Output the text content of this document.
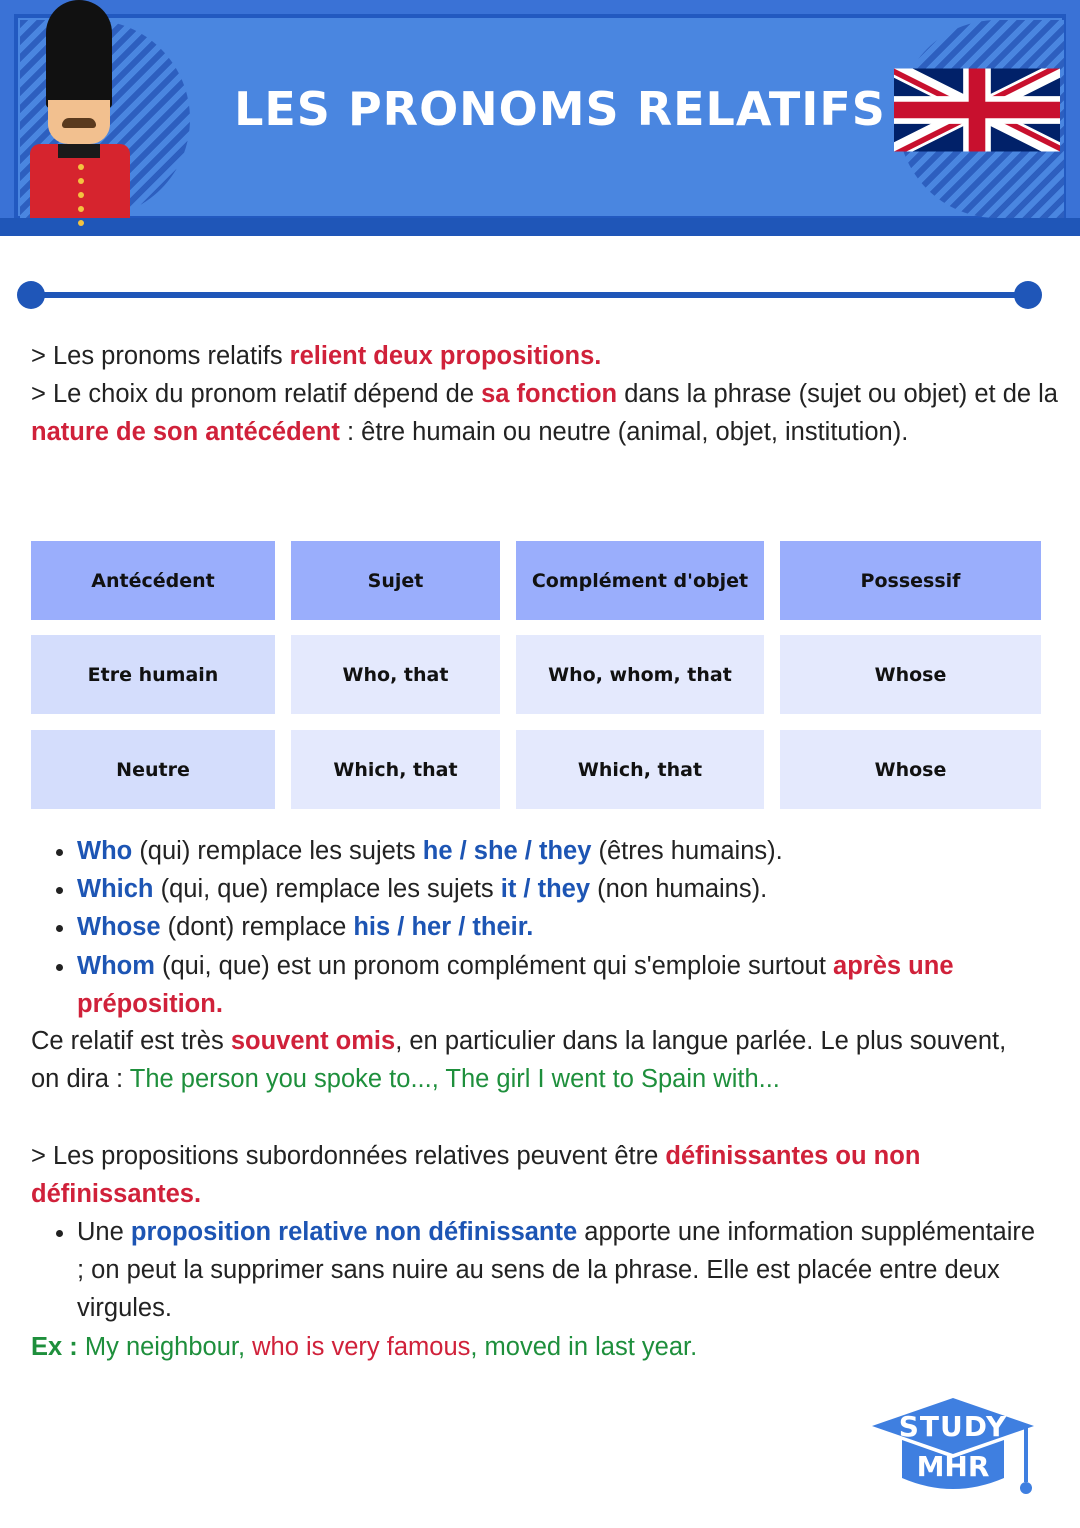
LES PRONOMS RELATIFS

> Les pronoms relatifs relient deux propositions.
> Le choix du pronom relatif dépend de sa fonction dans la phrase (sujet ou objet) et de la nature de son antécédent : être humain ou neutre (animal, objet, institution).

Antécédent	Sujet	Complément d'objet	Possessif
Etre humain	Who, that	Who, whom, that	Whose
Neutre	Which, that	Which, that	Whose
• Who (qui) remplace les sujets he / she / they (êtres humains).
• Which (qui, que) remplace les sujets it / they (non humains).
• Whose (dont) remplace his / her / their.
• Whom (qui, que) est un pronom complément qui s'emploie surtout après une préposition.

Ce relatif est très souvent omis, en particulier dans la langue parlée. Le plus souvent, on dira : The person you spoke to..., The girl I went to Spain with...

> Les propositions subordonnées relatives peuvent être définissantes ou non définissantes.

• Une proposition relative non définissante apporte une information supplémentaire ; on peut la supprimer sans nuire au sens de la phrase. Elle est placée entre deux virgules.

Ex : My neighbour, who is very famous, moved in last year.

STUDY
MHR
